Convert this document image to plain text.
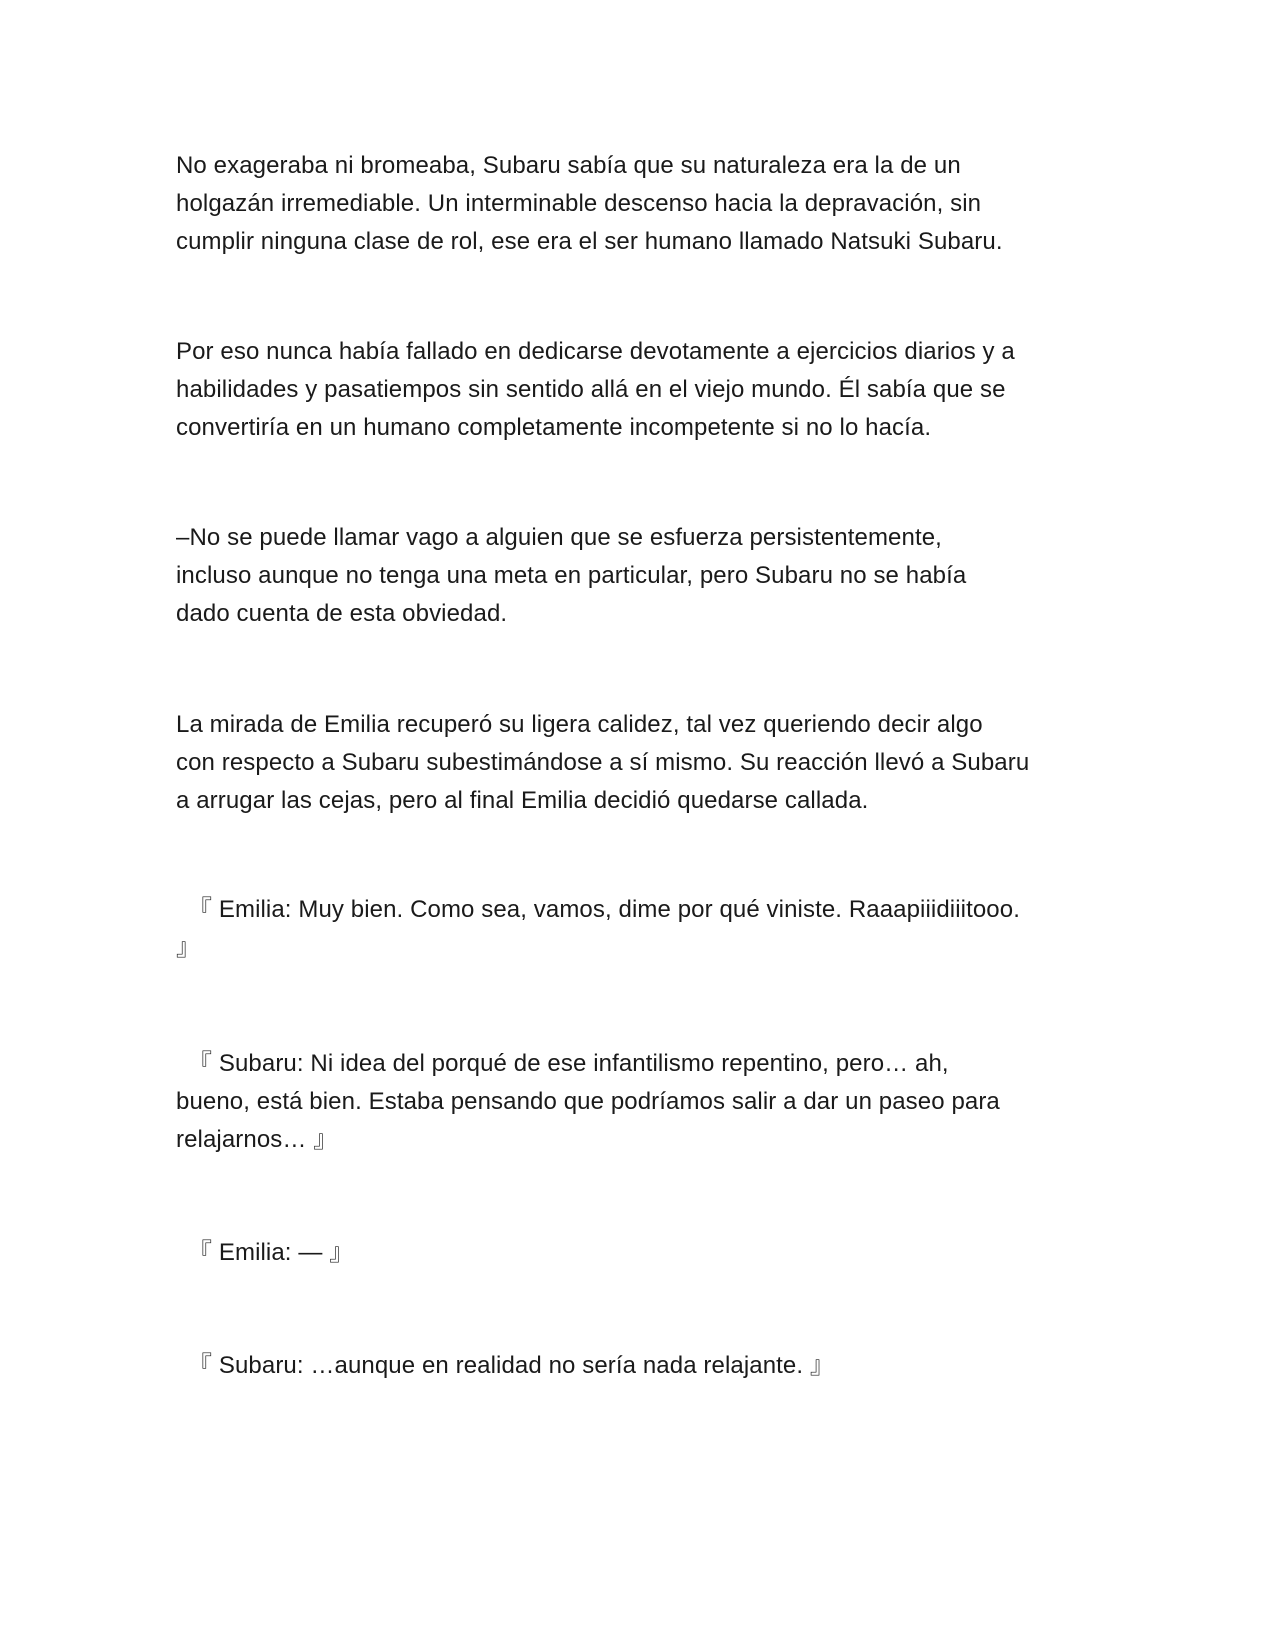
No exageraba ni bromeaba, Subaru sabía que su naturaleza era la de un
holgazán irremediable. Un interminable descenso hacia la depravación, sin
cumplir ninguna clase de rol, ese era el ser humano llamado Natsuki Subaru.

Por eso nunca había fallado en dedicarse devotamente a ejercicios diarios y a
habilidades y pasatiempos sin sentido allá en el viejo mundo. Él sabía que se
convertiría en un humano completamente incompetente si no lo hacía.

–No se puede llamar vago a alguien que se esfuerza persistentemente,
incluso aunque no tenga una meta en particular, pero Subaru no se había
dado cuenta de esta obviedad.

La mirada de Emilia recuperó su ligera calidez, tal vez queriendo decir algo
con respecto a Subaru subestimándose a sí mismo. Su reacción llevó a Subaru
a arrugar las cejas, pero al final Emilia decidió quedarse callada.

『 Emilia: Muy bien. Como sea, vamos, dime por qué viniste. Raaapiiidiiitooo.
』

『 Subaru: Ni idea del porqué de ese infantilismo repentino, pero… ah,
bueno, está bien. Estaba pensando que podríamos salir a dar un paseo para
relajarnos… 』

『 Emilia: — 』

『 Subaru: …aunque en realidad no sería nada relajante. 』
